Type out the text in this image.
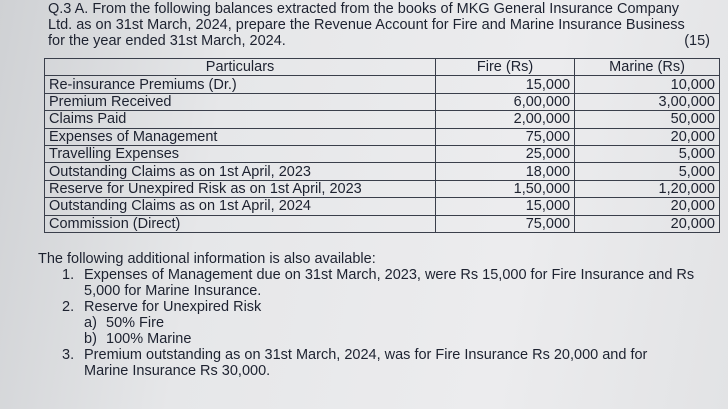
Q.3 A. From the following balances extracted from the books of MKG General Insurance Company
Ltd. as on 31st March, 2024, prepare the Revenue Account for Fire and Marine Insurance Business
for the year ended 31st March, 2024.	(15)
Particulars	Fire (Rs)	Marine (Rs)
Re-insurance Premiums (Dr.)	15,000	10,000
Premium Received	6,00,000	3,00,000
Claims Paid	2,00,000	50,000
Expenses of Management	75,000	20,000
Travelling Expenses	25,000	5,000
Outstanding Claims as on 1st April, 2023	18,000	5,000
Reserve for Unexpired Risk as on 1st April, 2023	1,50,000	1,20,000
Outstanding Claims as on 1st April, 2024	15,000	20,000
Commission (Direct)	75,000	20,000
The following additional information is also available:
1. Expenses of Management due on 31st March, 2023, were Rs 15,000 for Fire Insurance and Rs
5,000 for Marine Insurance.
2. Reserve for Unexpired Risk
a) 50% Fire
b) 100% Marine
3. Premium outstanding as on 31st March, 2024, was for Fire Insurance Rs 20,000 and for
Marine Insurance Rs 30,000.
